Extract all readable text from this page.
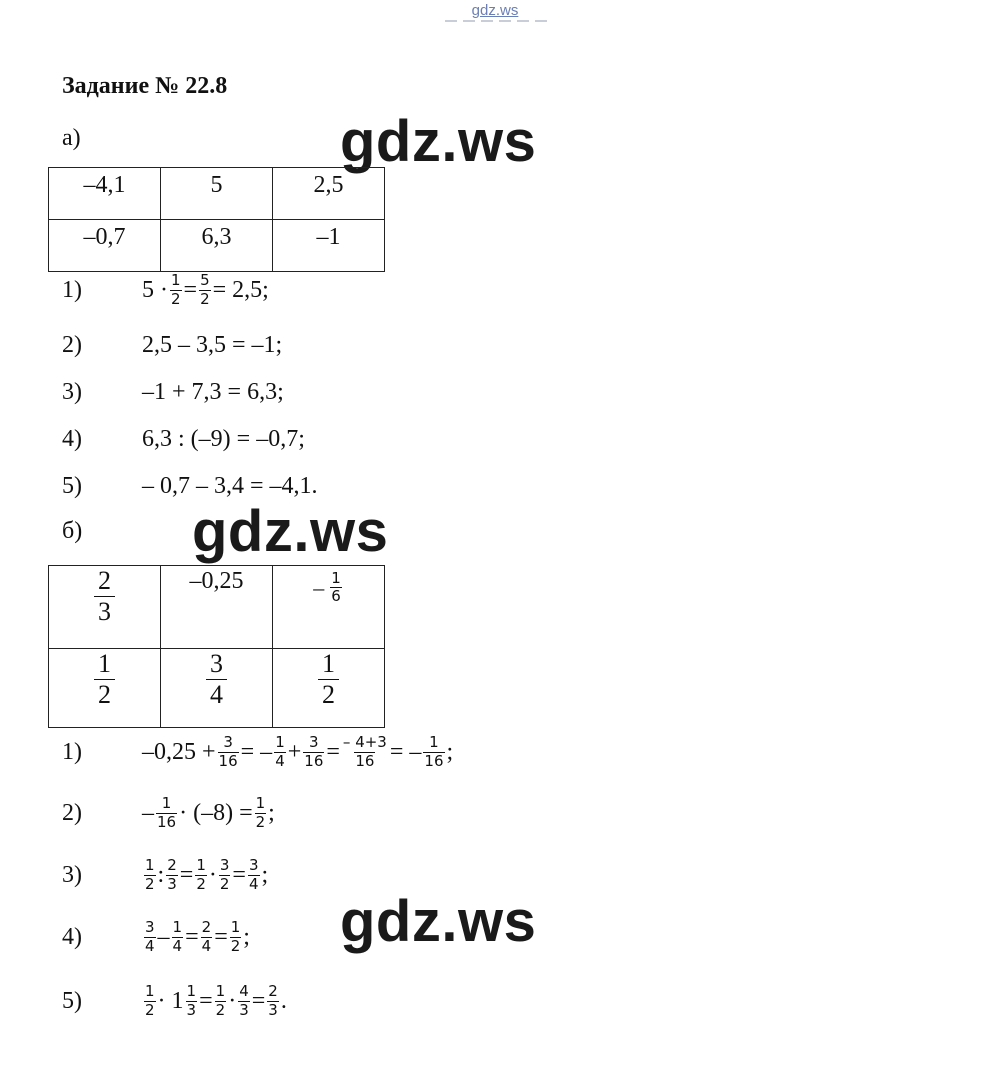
gdz.ws
Задание № 22.8
а)	gdz.ws
–4,1	5	2,5
–0,7	6,3	–1
1)	$5 \cdot \frac{1}{2} = \frac{5}{2} = 2,5$;
2)	2,5 – 3,5 = –1;
3)	–1 + 7,3 = 6,3;
4)	6,3 : (–9) = –0,7;
5)	– 0,7 – 3,4 = –4,1.
б) gdz.ws
$\frac{2}{3}$	–0,25	– $\frac{1}{6}$

$\frac{1}{2}$	$\frac{3}{4}$	$\frac{1}{2}$
1)	$-0,25 + \frac{3}{16}$ = – $\frac{1}{4} + \frac{3}{16} = \frac{- 4+3}{16}$ = – $\frac{1}{16}$ ;
2)	– $\frac{1}{16} \cdot (-8) = \frac{1}{2}$ ;
3)	$\frac{1}{2}$ : $\frac{2}{3} = \frac{1}{2} \cdot \frac{3}{2} = \frac{3}{4}$ ;
gdz.ws
4)	$\frac{3}{4} - \frac{1}{4} = \frac{2}{4} = \frac{1}{2}$ ;
5)	$\frac{1}{2} \cdot 1 \frac{1}{3} = \frac{1}{2} \cdot \frac{4}{3} = \frac{2}{3}$ .
